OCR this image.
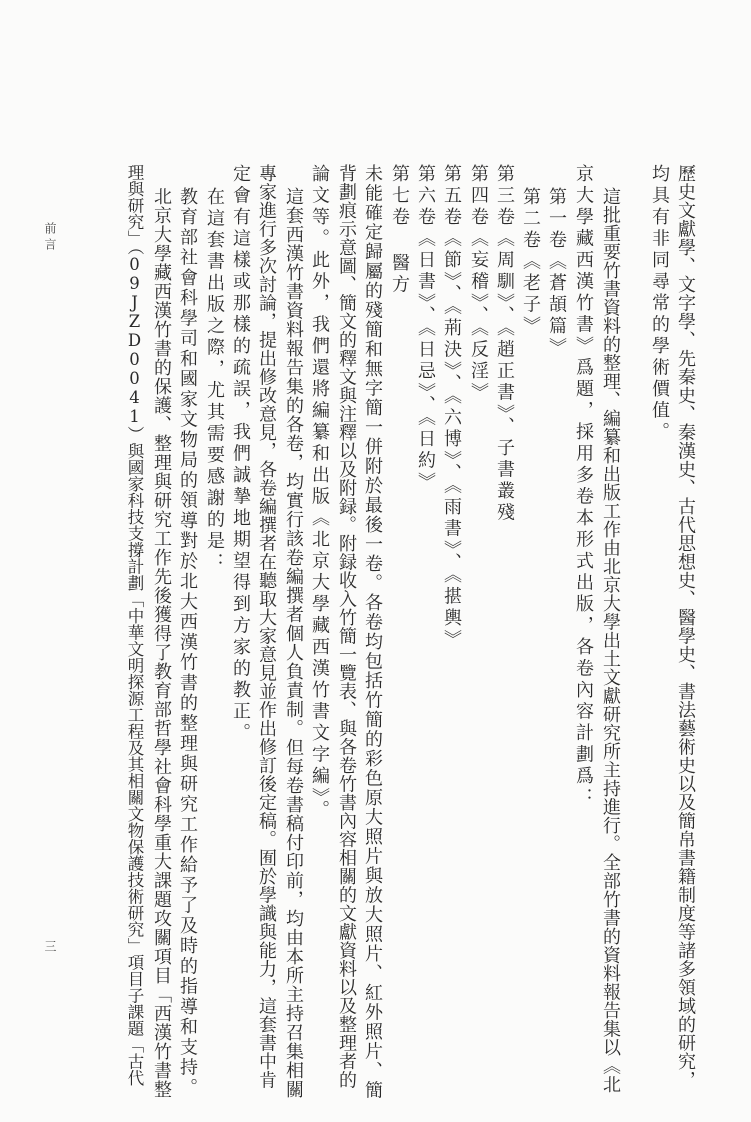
前言
三	歷史文獻學、文字學、先秦史、秦漢史、古代思想史、醫學史、書法藝術史以及簡帛書籍制度等諸多領域的研究，
均具有非同尋常的學術價值。
這批重要竹書資料的整理、編纂和出版工作由北京大學出土文獻研究所主持進行。全部竹書的資料報告集以《北
京大學藏西漢竹書》爲題，採用多卷本形式出版，各卷內容計劃爲：
第一卷《蒼頡篇》
第二卷《老子》
第三卷《周馴》、《趙正書》、子書叢殘
第四卷《妄稽》、《反淫》
第五卷《節》、《荊決》、《六博》、《雨書》、《揕輿》
第六卷《日書》、《日忌》、《日約》
第七卷 醫方
未能確定歸屬的殘簡和無字簡一併附於最後一卷。各卷均包括竹簡的彩色原大照片與放大照片、紅外照片、簡
背劃痕示意圖、簡文的釋文與注釋以及附録。附録收入竹簡一覽表、與各卷竹書內容相關的文獻資料以及整理者的
論文等。此外，我們還將編纂和出版《北京大學藏西漢竹書文字編》。
這套西漢竹書資料報告集的各卷，均實行該卷編撰者個人負責制。但每卷書稿付印前，均由本所主持召集相關
專家進行多次討論，提出修改意見，各卷編撰者在聽取大家意見並作出修訂後定稿。囿於學識與能力，這套書中肯
定會有這樣或那樣的疏誤，我們誠摯地期望得到方家的教正。
在這套書出版之際，尤其需要感謝的是：
教育部社會科學司和國家文物局的領導對於北大西漢竹書的整理與研究工作給予了及時的指導和支持。
北京大學藏西漢竹書的保護、整理與研究工作先後獲得了教育部哲學社會科學重大課題攻關項目「西漢竹書整
理與研究」（09JZD0041）與國家科技支撐計劃「中華文明探源工程及其相關文物保護技術研究」項目子課題「古代
